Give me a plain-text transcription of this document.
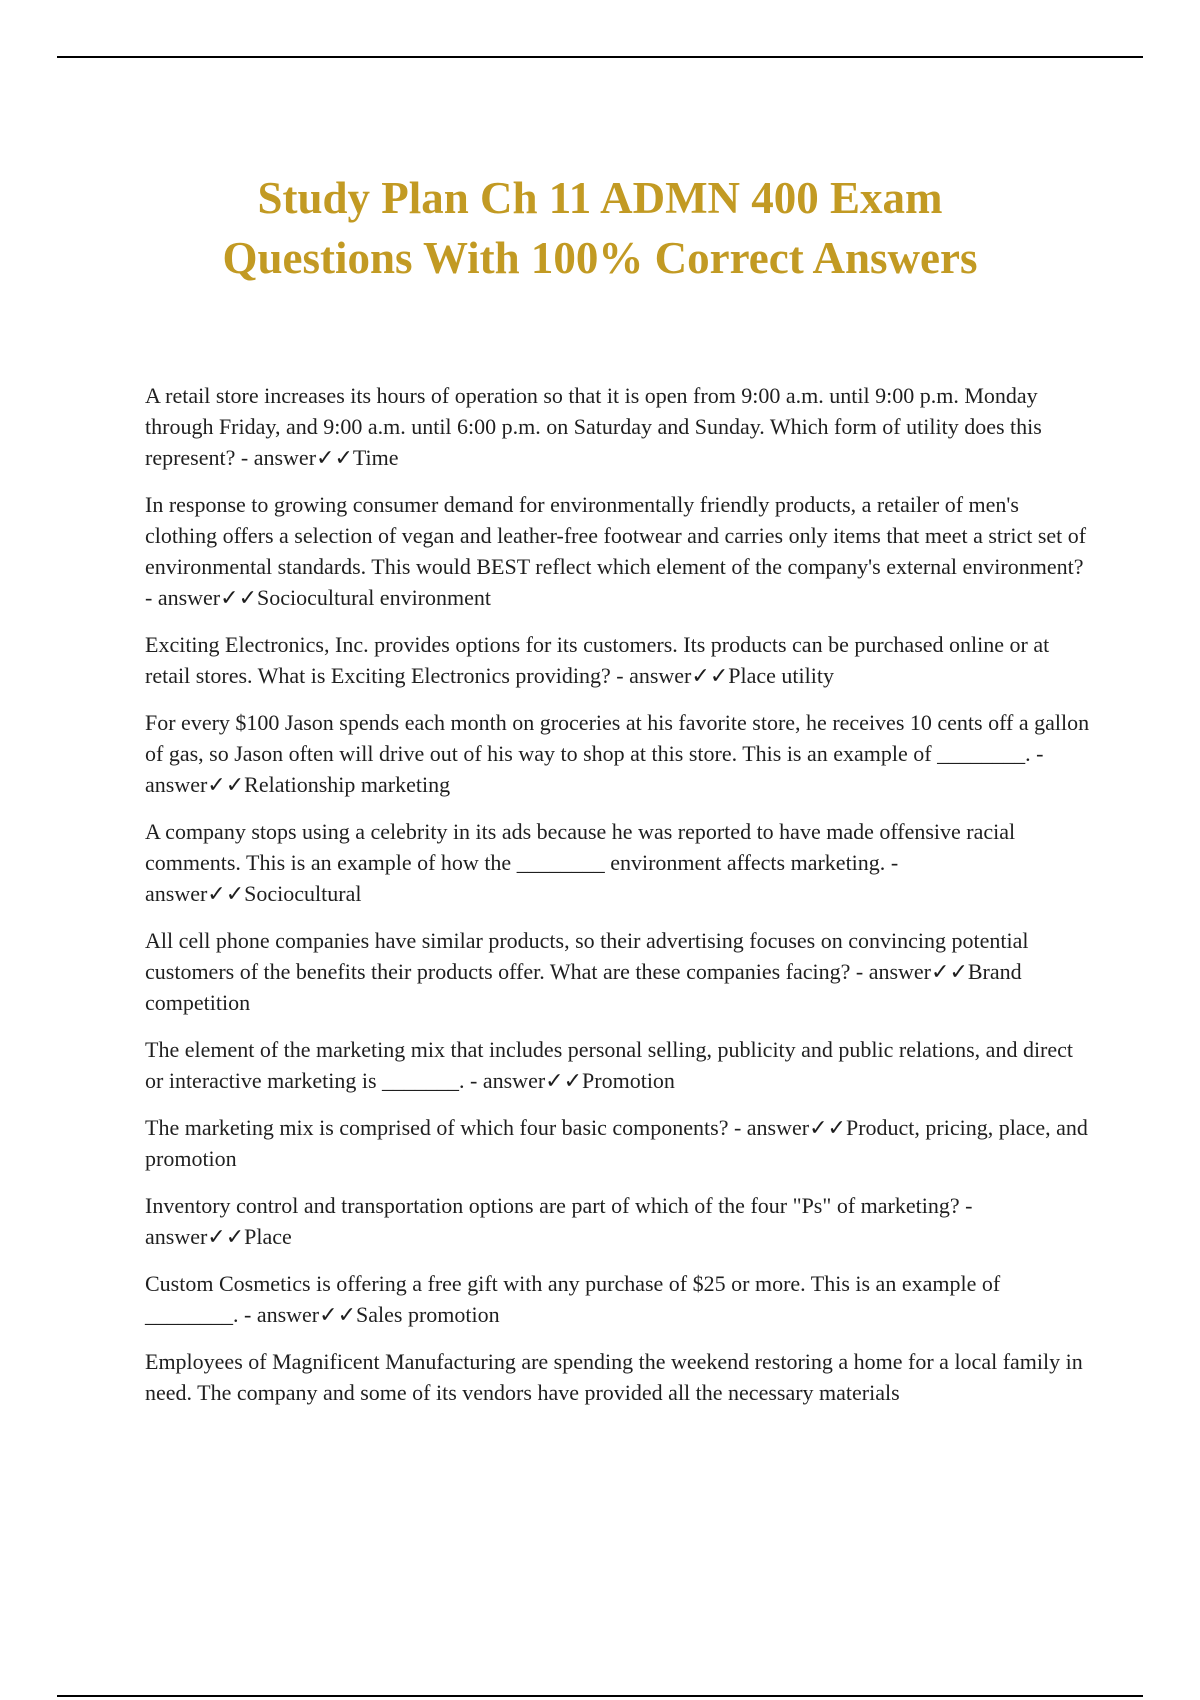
Study Plan Ch 11 ADMN 400 Exam
Questions With 100% Correct Answers

A retail store increases its hours of operation so that it is open from 9:00 a.m. until 9:00 p.m. Monday through Friday, and 9:00 a.m. until 6:00 p.m. on Saturday and Sunday. Which form of utility does this represent? - answer✓✓Time

In response to growing consumer demand for environmentally friendly products, a retailer of men's clothing offers a selection of vegan and leather-free footwear and carries only items that meet a strict set of environmental standards. This would BEST reflect which element of the company's external environment? - answer✓✓Sociocultural environment

Exciting Electronics, Inc. provides options for its customers. Its products can be purchased online or at retail stores. What is Exciting Electronics providing? - answer✓✓Place utility

For every $100 Jason spends each month on groceries at his favorite store, he receives 10 cents off a gallon of gas, so Jason often will drive out of his way to shop at this store. This is an example of ________. - answer✓✓Relationship marketing

A company stops using a celebrity in its ads because he was reported to have made offensive racial comments. This is an example of how the ________ environment affects marketing. - answer✓✓Sociocultural

All cell phone companies have similar products, so their advertising focuses on convincing potential customers of the benefits their products offer. What are these companies facing? - answer✓✓Brand competition

The element of the marketing mix that includes personal selling, publicity and public relations, and direct or interactive marketing is _______. - answer✓✓Promotion

The marketing mix is comprised of which four basic components? - answer✓✓Product, pricing, place, and promotion

Inventory control and transportation options are part of which of the four "Ps" of marketing? - answer✓✓Place

Custom Cosmetics is offering a free gift with any purchase of $25 or more. This is an example of ________. - answer✓✓Sales promotion

Employees of Magnificent Manufacturing are spending the weekend restoring a home for a local family in need. The company and some of its vendors have provided all the necessary materials
